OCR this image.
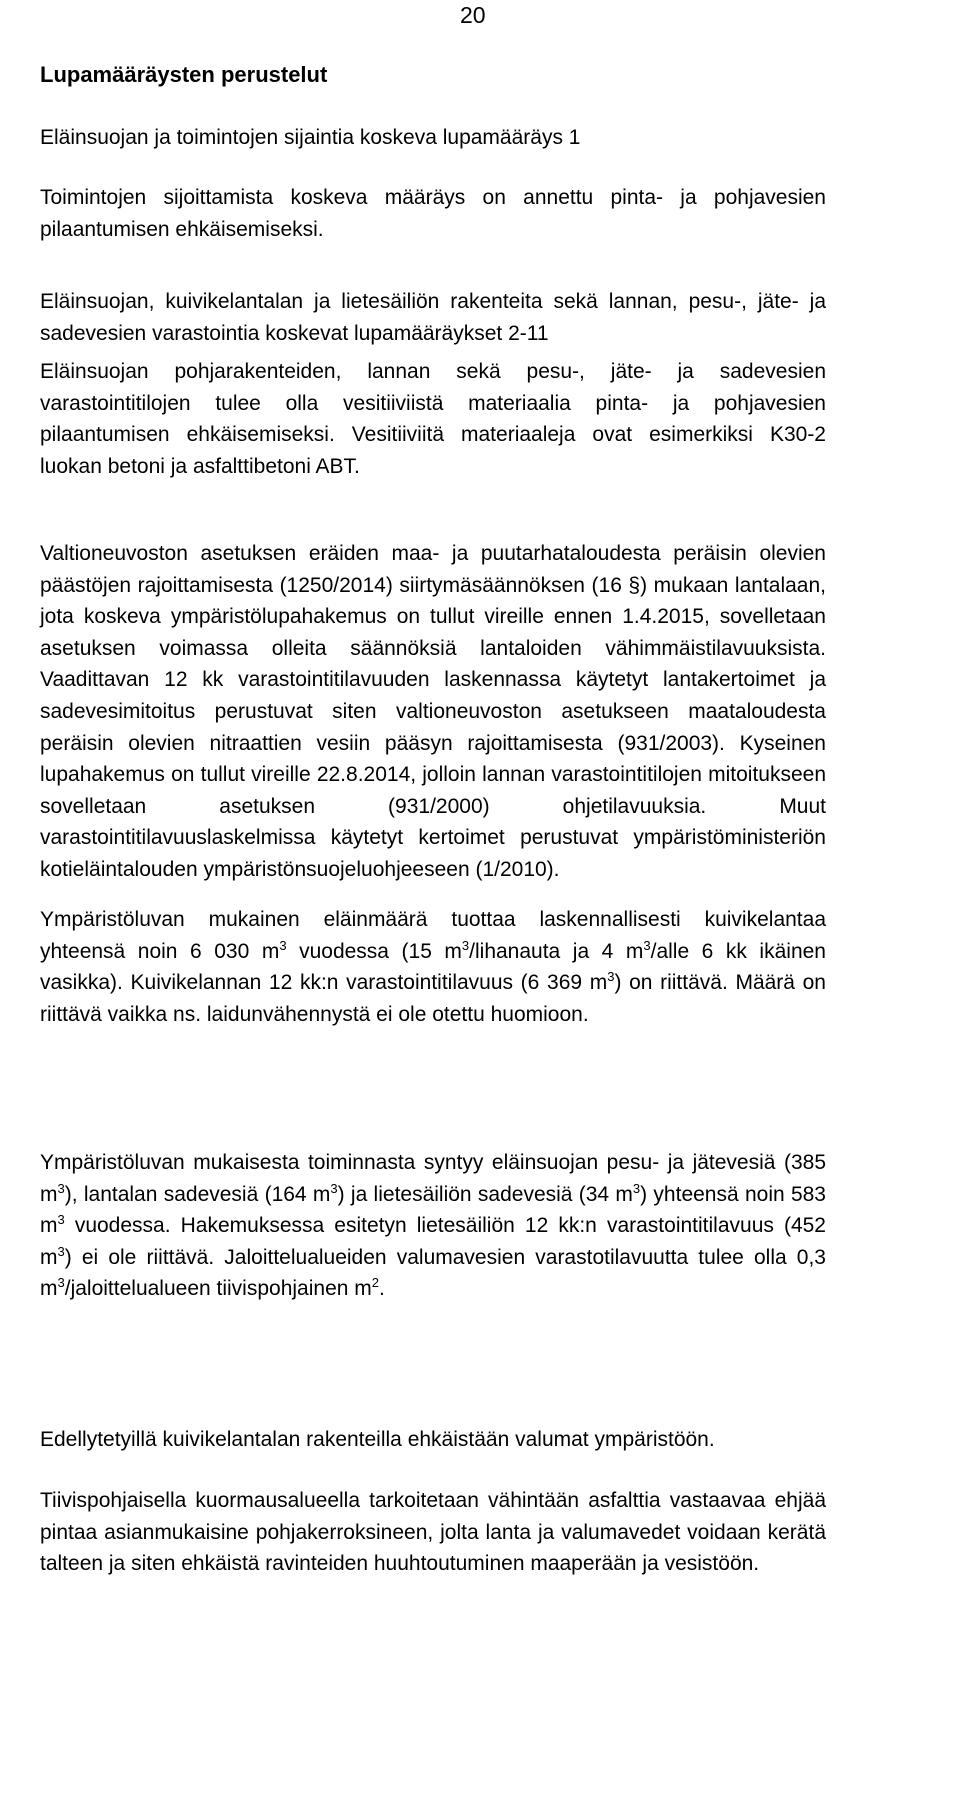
20
Lupamääräysten perustelut

Eläinsuojan ja toimintojen sijaintia koskeva lupamääräys 1

Toimintojen sijoittamista koskeva määräys on annettu pinta- ja pohjavesien pilaantumisen ehkäisemiseksi.

Eläinsuojan, kuivikelantalan ja lietesäiliön rakenteita sekä lannan, pesu-, jäte- ja sadevesien varastointia koskevat lupamääräykset 2-11

Eläinsuojan pohjarakenteiden, lannan sekä pesu-, jäte- ja sadevesien varastointitilojen tulee olla vesitiiviistä materiaalia pinta- ja pohjavesien pilaantumisen ehkäisemiseksi. Vesitiiviitä materiaaleja ovat esimerkiksi K30-2 luokan betoni ja asfalttibetoni ABT.

Valtioneuvoston asetuksen eräiden maa- ja puutarhataloudesta peräisin olevien päästöjen rajoittamisesta (1250/2014) siirtymäsäännöksen (16 §) mukaan lantalaan, jota koskeva ympäristölupahakemus on tullut vireille ennen 1.4.2015, sovelletaan asetuksen voimassa olleita säännöksiä lantaloiden vähimmäistilavuuksista. Vaadittavan 12 kk varastointitilavuuden laskennassa käytetyt lantakertoimet ja sadevesimitoitus perustuvat siten valtioneuvoston asetukseen maataloudesta peräisin olevien nitraattien vesiin pääsyn rajoittamisesta (931/2003). Kyseinen lupahakemus on tullut vireille 22.8.2014, jolloin lannan varastointitilojen mitoitukseen sovelletaan asetuksen (931/2000) ohjetilavuuksia. Muut varastointitilavuuslaskelmissa käytetyt kertoimet perustuvat ympäristöministeriön kotieläintalouden ympäristönsuojeluohjeeseen (1/2010).

Ympäristöluvan mukainen eläinmäärä tuottaa laskennallisesti kuivikelantaa yhteensä noin 6 030 $m^3$ vuodessa (15 $m^3$/lihanauta ja 4 $m^3$/alle 6 kk ikäinen vasikka). Kuivikelannan 12 kk:n varastointitilavuus (6 369 $m^3$) on riittävä. Määrä on riittävä vaikka ns. laidunvähennystä ei ole otettu huomioon.

Ympäristöluvan mukaisesta toiminnasta syntyy eläinsuojan pesu- ja jätevesiä (385 $m^3$), lantalan sadevesiä (164 $m^3$) ja lietesäiliön sadevesiä (34 $m^3$) yhteensä noin 583 $m^3$ vuodessa. Hakemuksessa esitetyn lietesäiliön 12 kk:n varastointitilavuus (452 $m^3$) ei ole riittävä. Jaloittelualueiden valumavesien varastotilavuutta tulee olla 0,3 $m^3$/jaloittelualueen tiivispohjainen $m^2$.

Edellytetyillä kuivikelantalan rakenteilla ehkäistään valumat ympäristöön.

Tiivispohjaisella kuormausalueella tarkoitetaan vähintään asfalttia vastaavaa ehjää pintaa asianmukaisine pohjakerroksineen, jolta lanta ja valumavedet voidaan kerätä talteen ja siten ehkäistä ravinteiden huuhtoutuminen maaperään ja vesistöön.
